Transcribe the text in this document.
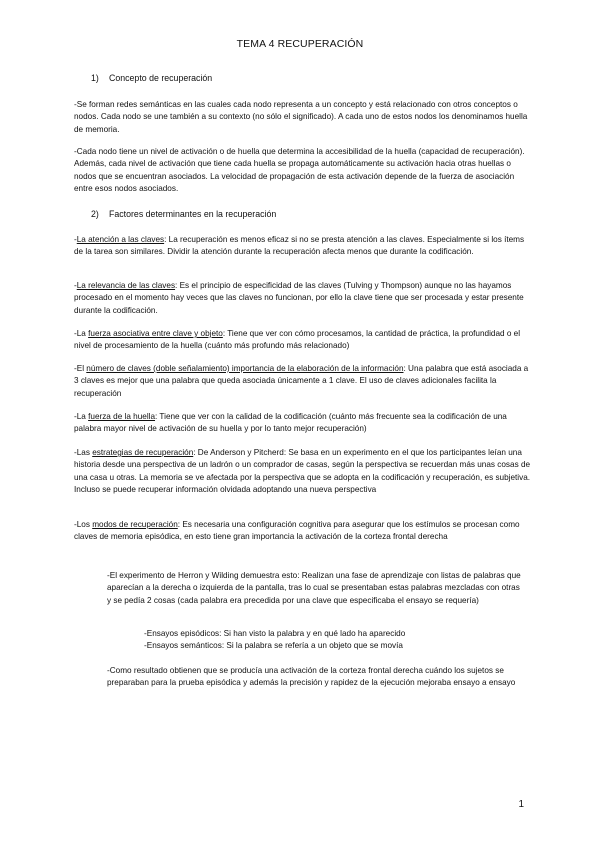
TEMA 4 RECUPERACIÓN
1) Concepto de recuperación
-Se forman redes semánticas en las cuales cada nodo representa a un concepto y está relacionado con otros conceptos o nodos. Cada nodo se une también a su contexto (no sólo el significado). A cada uno de estos nodos los denominamos huella de memoria.
-Cada nodo tiene un nivel de activación o de huella que determina la accesibilidad de la huella (capacidad de recuperación). Además, cada nivel de activación que tiene cada huella se propaga automáticamente su activación hacia otras huellas o nodos que se encuentran asociados. La velocidad de propagación de esta activación depende de la fuerza de asociación entre esos nodos asociados.
2) Factores determinantes en la recuperación
-La atención a las claves: La recuperación es menos eficaz si no se presta atención a las claves. Especialmente si los ítems de la tarea son similares. Dividir la atención durante la recuperación afecta menos que durante la codificación.
-La relevancia de las claves: Es el principio de especificidad de las claves (Tulving y Thompson) aunque no las hayamos procesado en el momento hay veces que las claves no funcionan, por ello la clave tiene que ser procesada y estar presente durante la codificación.
-La fuerza asociativa entre clave y objeto: Tiene que ver con cómo procesamos, la cantidad de práctica, la profundidad o el nivel de procesamiento de la huella (cuánto más profundo más relacionado)
-El número de claves (doble señalamiento) importancia de la elaboración de la información: Una palabra que está asociada a 3 claves es mejor que una palabra que queda asociada únicamente a 1 clave. El uso de claves adicionales facilita la recuperación
-La fuerza de la huella: Tiene que ver con la calidad de la codificación (cuánto más frecuente sea la codificación de una palabra mayor nivel de activación de su huella y por lo tanto mejor recuperación)
-Las estrategias de recuperación: De Anderson y Pitcherd: Se basa en un experimento en el que los participantes leían una historia desde una perspectiva de un ladrón o un comprador de casas, según la perspectiva se recuerdan más unas cosas de una casa u otras. La memoria se ve afectada por la perspectiva que se adopta en la codificación y recuperación, es subjetiva. Incluso se puede recuperar información olvidada adoptando una nueva perspectiva
-Los modos de recuperación: Es necesaria una configuración cognitiva para asegurar que los estímulos se procesan como claves de memoria episódica, en esto tiene gran importancia la activación de la corteza frontal derecha
-El experimento de Herron y Wilding demuestra esto: Realizan una fase de aprendizaje con listas de palabras que aparecían a la derecha o izquierda de la pantalla, tras lo cual se presentaban estas palabras mezcladas con otras y se pedía 2 cosas (cada palabra era precedida por una clave que especificaba el ensayo se requería)
-Ensayos episódicos: Si han visto la palabra y en qué lado ha aparecido
-Ensayos semánticos: Si la palabra se refería a un objeto que se movía
-Como resultado obtienen que se producía una activación de la corteza frontal derecha cuándo los sujetos se preparaban para la prueba episódica y además la precisión y rapidez de la ejecución mejoraba ensayo a ensayo
1
